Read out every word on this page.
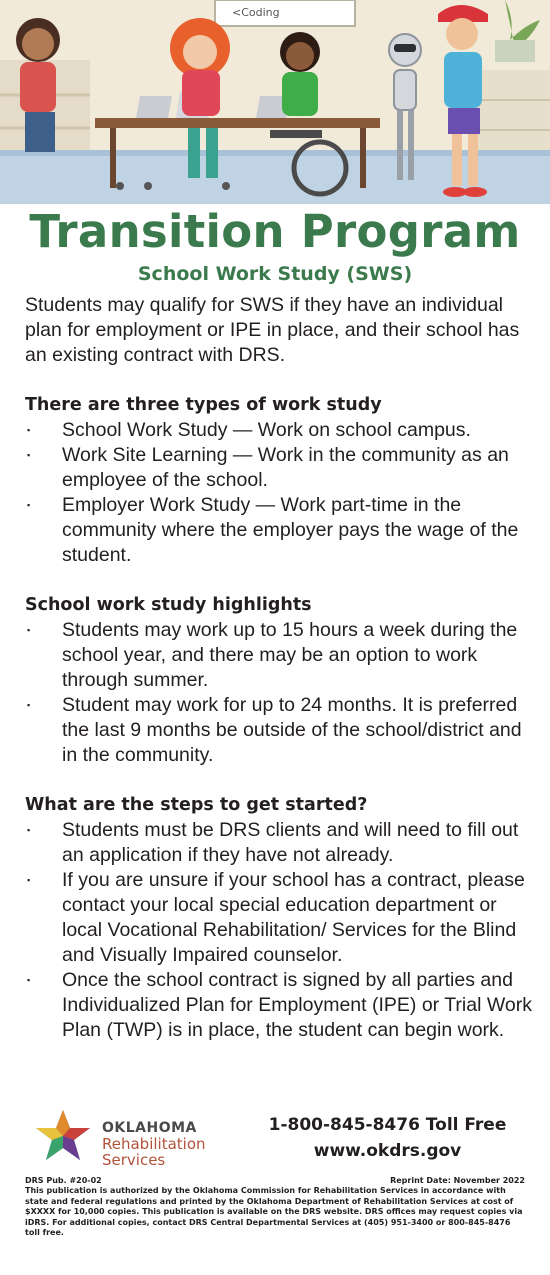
<Coding
Transition Program
School Work Study (SWS)

Students may qualify for SWS if they have an individual plan for employment or IPE in place, and their school has an existing contract with DRS.

There are three types of work study
▪ School Work Study — Work on school campus.
▪ Work Site Learning — Work in the community as an employee of the school.
▪ Employer Work Study — Work part-time in the community where the employer pays the wage of the student.
School work study highlights
▪ Students may work up to 15 hours a week during the school year, and there may be an option to work through summer.
▪ Student may work for up to 24 months. It is preferred the last 9 months be outside of the school/district and in the community.
What are the steps to get started?
▪ Students must be DRS clients and will need to fill out an application if they have not already.
▪ If you are unsure if your school has a contract, please contact your local special education department or local Vocational Rehabilitation/ Services for the Blind and Visually Impaired counselor.
▪ Once the school contract is signed by all parties and Individualized Plan for Employment (IPE) or Trial Work Plan (TWP) is in place, the student can begin work.
OKLAHOMA
Rehabilitation
Services
1-800-845-8476 Toll Free
www.okdrs.gov
DRS Pub. #20-02	Reprint Date: November 2022

This publication is authorized by the Oklahoma Commission for Rehabilitation Services in accordance with state and federal regulations and printed by the Oklahoma Department of Rehabilitation Services at cost of $XXXX for 10,000 copies. This publication is available on the DRS website. DRS offices may request copies via iDRS. For additional copies, contact DRS Central Departmental Services at (405) 951-3400 or 800-845-8476 toll free.
